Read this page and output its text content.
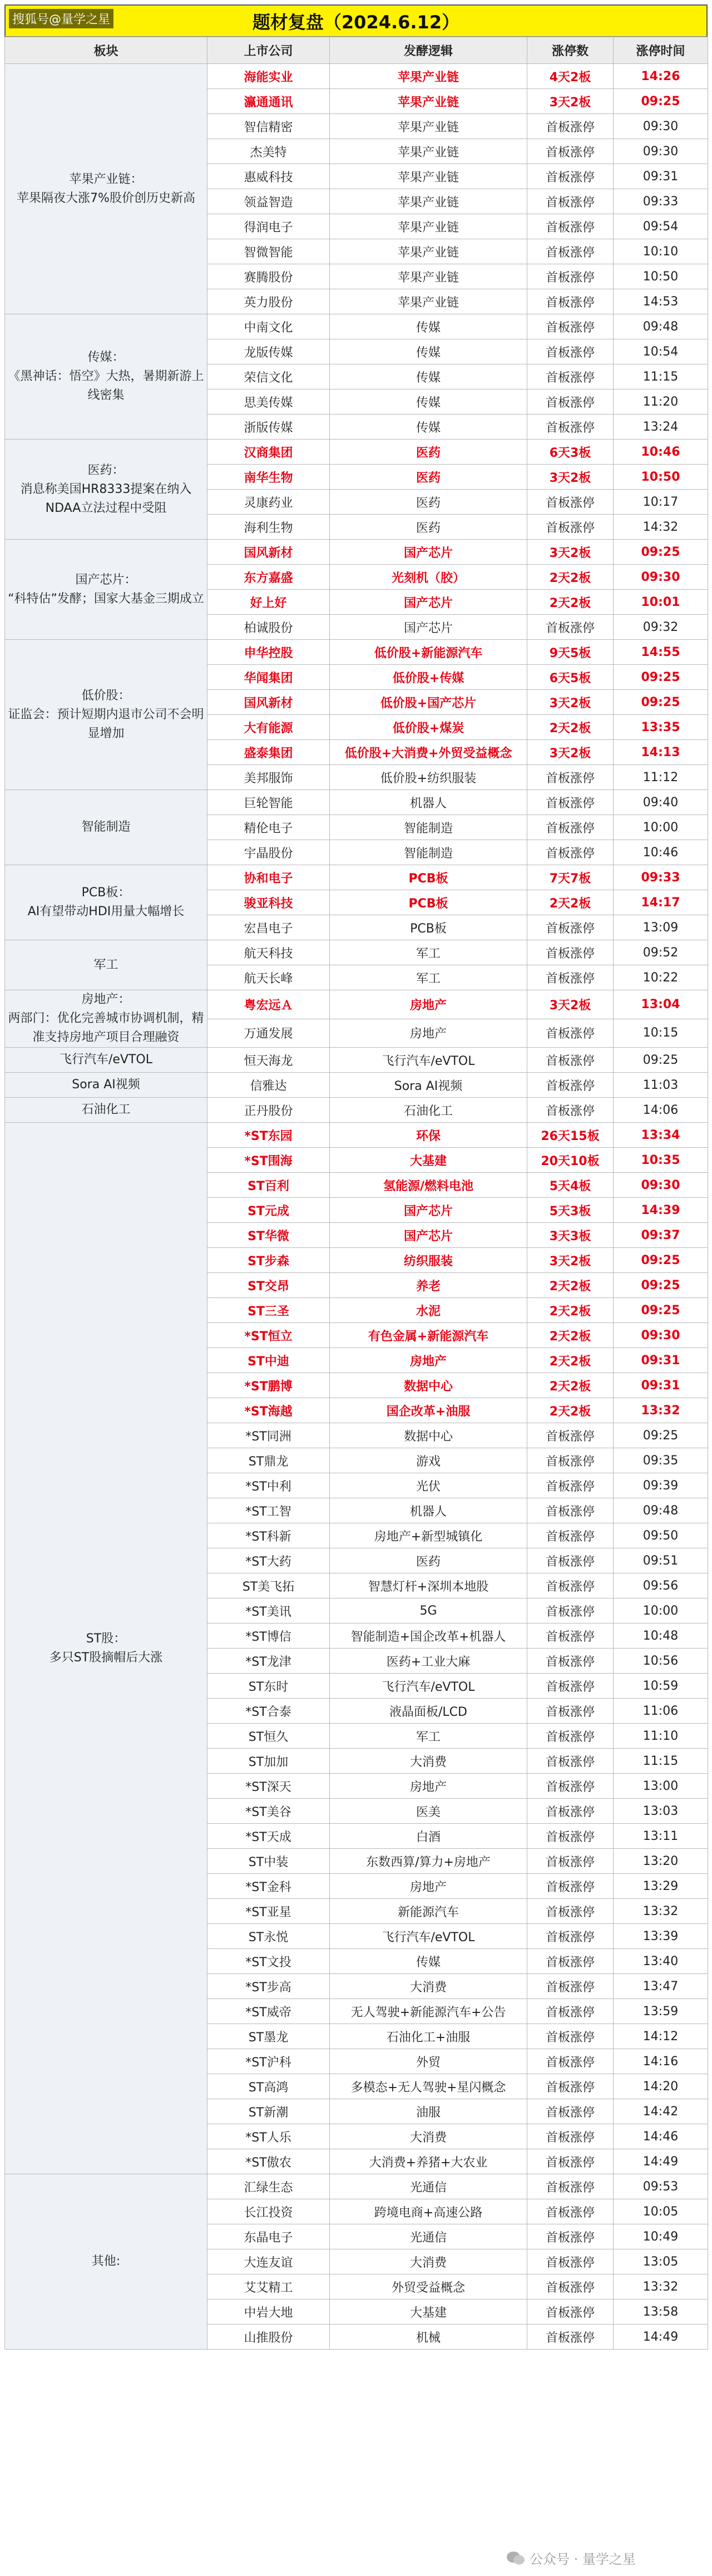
搜狐号@量学之星	题材复盘（2024.6.12）
板块	上市公司	发酵逻辑	涨停数	涨停时间
苹果产业链：
苹果隔夜大涨7%股价创历史新高	海能实业	苹果产业链	4天2板	14:26
	瀛通通讯	苹果产业链	3天2板	09:25
	智信精密	苹果产业链	首板涨停	09:30
	杰美特	苹果产业链	首板涨停	09:30
	惠威科技	苹果产业链	首板涨停	09:31
	领益智造	苹果产业链	首板涨停	09:33
	得润电子	苹果产业链	首板涨停	09:54
	智微智能	苹果产业链	首板涨停	10:10
	赛腾股份	苹果产业链	首板涨停	10:50
	英力股份	苹果产业链	首板涨停	14:53
传媒：
《黑神话：悟空》大热，暑期新游上线密集	中南文化	传媒	首板涨停	09:48
	龙版传媒	传媒	首板涨停	10:54
	荣信文化	传媒	首板涨停	11:15
	思美传媒	传媒	首板涨停	11:20
	浙版传媒	传媒	首板涨停	13:24
医药：
消息称美国HR8333提案在纳入NDAA立法过程中受阻	汉商集团	医药	6天3板	10:46
	南华生物	医药	3天2板	10:50
	灵康药业	医药	首板涨停	10:17
	海利生物	医药	首板涨停	14:32
国产芯片：
“科特估”发酵；国家大基金三期成立	国风新材	国产芯片	3天2板	09:25
	东方嘉盛	光刻机（胶）	2天2板	09:30
	好上好	国产芯片	2天2板	10:01
	柏诚股份	国产芯片	首板涨停	09:32
低价股：
证监会：预计短期内退市公司不会明显增加	申华控股	低价股+新能源汽车	9天5板	14:55
	华闻集团	低价股+传媒	6天5板	09:25
	国风新材	低价股+国产芯片	3天2板	09:25
	大有能源	低价股+煤炭	2天2板	13:35
	盛泰集团	低价股+大消费+外贸受益概念	3天2板	14:13
	美邦服饰	低价股+纺织服装	首板涨停	11:12
智能制造	巨轮智能	机器人	首板涨停	09:40
	精伦电子	智能制造	首板涨停	10:00
	宇晶股份	智能制造	首板涨停	10:46
PCB板：
AI有望带动HDI用量大幅增长	协和电子	PCB板	7天7板	09:33
	骏亚科技	PCB板	2天2板	14:17
	宏昌电子	PCB板	首板涨停	13:09
军工	航天科技	军工	首板涨停	09:52
	航天长峰	军工	首板涨停	10:22
房地产：
两部门：优化完善城市协调机制，精准支持房地产项目合理融资	粤宏远Ａ	房地产	3天2板	13:04
	万通发展	房地产	首板涨停	10:15
飞行汽车/eVTOL	恒天海龙	飞行汽车/eVTOL	首板涨停	09:25
Sora AI视频	信雅达	Sora AI视频	首板涨停	11:03
石油化工	正丹股份	石油化工	首板涨停	14:06
ST股：
多只ST股摘帽后大涨	*ST东园	环保	26天15板	13:34
	*ST围海	大基建	20天10板	10:35
	ST百利	氢能源/燃料电池	5天4板	09:30
	ST元成	国产芯片	5天3板	14:39
	ST华微	国产芯片	3天3板	09:37
	ST步森	纺织服装	3天2板	09:25
	ST交昂	养老	2天2板	09:25
	ST三圣	水泥	2天2板	09:25
	*ST恒立	有色金属+新能源汽车	2天2板	09:30
	ST中迪	房地产	2天2板	09:31
	*ST鹏博	数据中心	2天2板	09:31
	*ST海越	国企改革+油服	2天2板	13:32
	*ST同洲	数据中心	首板涨停	09:25
	ST鼎龙	游戏	首板涨停	09:35
	*ST中利	光伏	首板涨停	09:39
	*ST工智	机器人	首板涨停	09:48
	*ST科新	房地产+新型城镇化	首板涨停	09:50
	*ST大药	医药	首板涨停	09:51
	ST美飞拓	智慧灯杆+深圳本地股	首板涨停	09:56
	*ST美讯	5G	首板涨停	10:00
	*ST博信	智能制造+国企改革+机器人	首板涨停	10:48
	*ST龙津	医药+工业大麻	首板涨停	10:56
	ST东时	飞行汽车/eVTOL	首板涨停	10:59
	*ST合泰	液晶面板/LCD	首板涨停	11:06
	ST恒久	军工	首板涨停	11:10
	ST加加	大消费	首板涨停	11:15
	*ST深天	房地产	首板涨停	13:00
	*ST美谷	医美	首板涨停	13:03
	*ST天成	白酒	首板涨停	13:11
	ST中装	东数西算/算力+房地产	首板涨停	13:20
	*ST金科	房地产	首板涨停	13:29
	*ST亚星	新能源汽车	首板涨停	13:32
	ST永悦	飞行汽车/eVTOL	首板涨停	13:39
	*ST文投	传媒	首板涨停	13:40
	*ST步高	大消费	首板涨停	13:47
	*ST威帝	无人驾驶+新能源汽车+公告	首板涨停	13:59
	ST墨龙	石油化工+油服	首板涨停	14:12
	*ST沪科	外贸	首板涨停	14:16
	ST高鸿	多模态+无人驾驶+星闪概念	首板涨停	14:20
	ST新潮	油服	首板涨停	14:42
	*ST人乐	大消费	首板涨停	14:46
	*ST傲农	大消费+养猪+大农业	首板涨停	14:49
其他:	汇绿生态	光通信	首板涨停	09:53
	长江投资	跨境电商+高速公路	首板涨停	10:05
	东晶电子	光通信	首板涨停	10:49
	大连友谊	大消费	首板涨停	13:05
	艾艾精工	外贸受益概念	首板涨停	13:32
	中岩大地	大基建	首板涨停	13:58
	山推股份	机械	首板涨停	14:49
公众号 · 量学之星
